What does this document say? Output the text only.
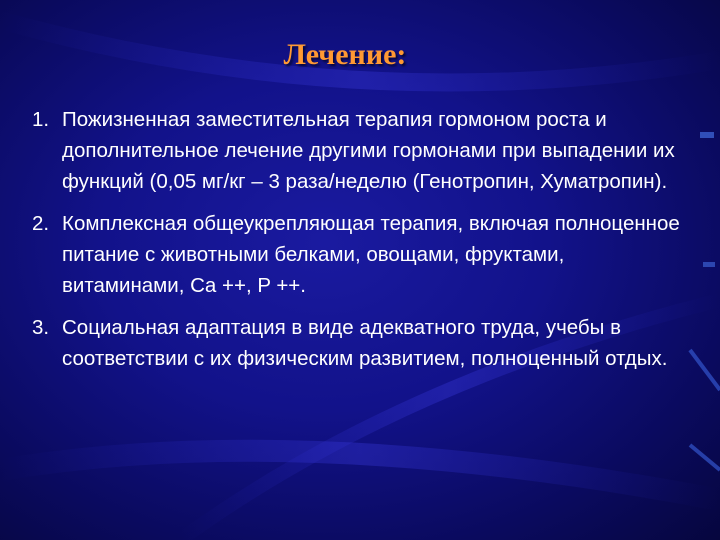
Лечение:
1. Пожизненная заместительная терапия гормоном роста и дополнительное лечение другими гормонами при выпадении их функций (0,05 мг/кг – 3 раза/неделю (Генотропин, Хуматропин).
2. Комплексная общеукрепляющая терапия, включая полноценное питание с животными белками, овощами, фруктами, витаминами, Ca ++, P ++.
3. Социальная адаптация в виде адекватного труда, учебы в соответствии с их физическим развитием, полноценный отдых.
